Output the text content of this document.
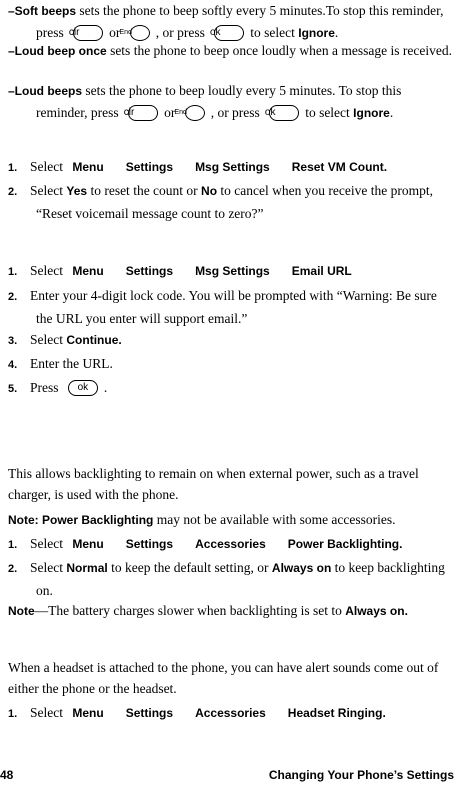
–Soft beeps sets the phone to beep softly every 5 minutes.To stop this reminder, press clr or End , or press ok to select Ignore.
–Loud beep once sets the phone to beep once loudly when a message is received.
–Loud beeps sets the phone to beep loudly every 5 minutes. To stop this reminder, press clr or End , or press ok to select Ignore.
1. Select Menu Settings Msg Settings Reset VM Count.
2. Select Yes to reset the count or No to cancel when you receive the prompt, “Reset voicemail message count to zero?”
1. Select Menu Settings Msg Settings Email URL
2. Enter your 4-digit lock code. You will be prompted with “Warning: Be sure the URL you enter will support email.”
3. Select Continue.
4. Enter the URL.
5. Press ok .
This allows backlighting to remain on when external power, such as a travel charger, is used with the phone.
Note: Power Backlighting may not be available with some accessories.
1. Select Menu Settings Accessories Power Backlighting.
2. Select Normal to keep the default setting, or Always on to keep backlighting on.
Note—The battery charges slower when backlighting is set to Always on.
When a headset is attached to the phone, you can have alert sounds come out of either the phone or the headset.
1. Select Menu Settings Accessories Headset Ringing.
48	Changing Your Phone’s Settings
